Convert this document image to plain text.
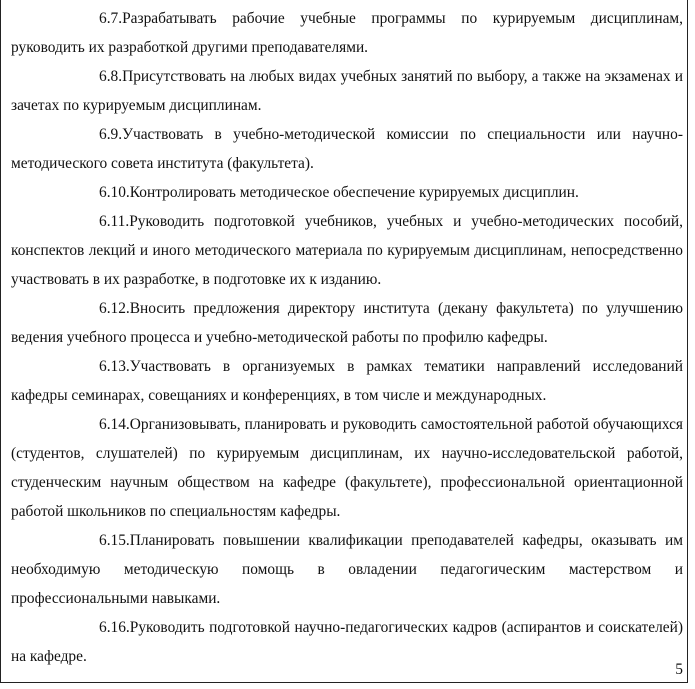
6.7.Разрабатывать рабочие учебные программы по курируемым дисциплинам, руководить их разработкой другими преподавателями.

6.8.Присутствовать на любых видах учебных занятий по выбору, а также на экзаменах и зачетах по курируемым дисциплинам.

6.9.Участвовать в учебно-методической комиссии по специальности или научно-методического совета института (факультета).

6.10.Контролировать методическое обеспечение курируемых дисциплин.

6.11.Руководить подготовкой учебников, учебных и учебно-методических пособий, конспектов лекций и иного методического материала по курируемым дисциплинам, непосредственно участвовать в их разработке, в подготовке их к изданию.

6.12.Вносить предложения директору института (декану факультета) по улучшению ведения учебного процесса и учебно-методической работы по профилю кафедры.

6.13.Участвовать в организуемых в рамках тематики направлений исследований кафедры семинарах, совещаниях и конференциях, в том числе и международных.

6.14.Организовывать, планировать и руководить самостоятельной работой обучающихся (студентов, слушателей) по курируемым дисциплинам, их научно-исследовательской работой, студенческим научным обществом на кафедре (факультете), профессиональной ориентационной работой школьников по специальностям кафедры.

6.15.Планировать повышении квалификации преподавателей кафедры, оказывать им необходимую методическую помощь в овладении педагогическим мастерством и профессиональными навыками.

6.16.Руководить подготовкой научно-педагогических кадров (аспирантов и соискателей) на кафедре.

5
